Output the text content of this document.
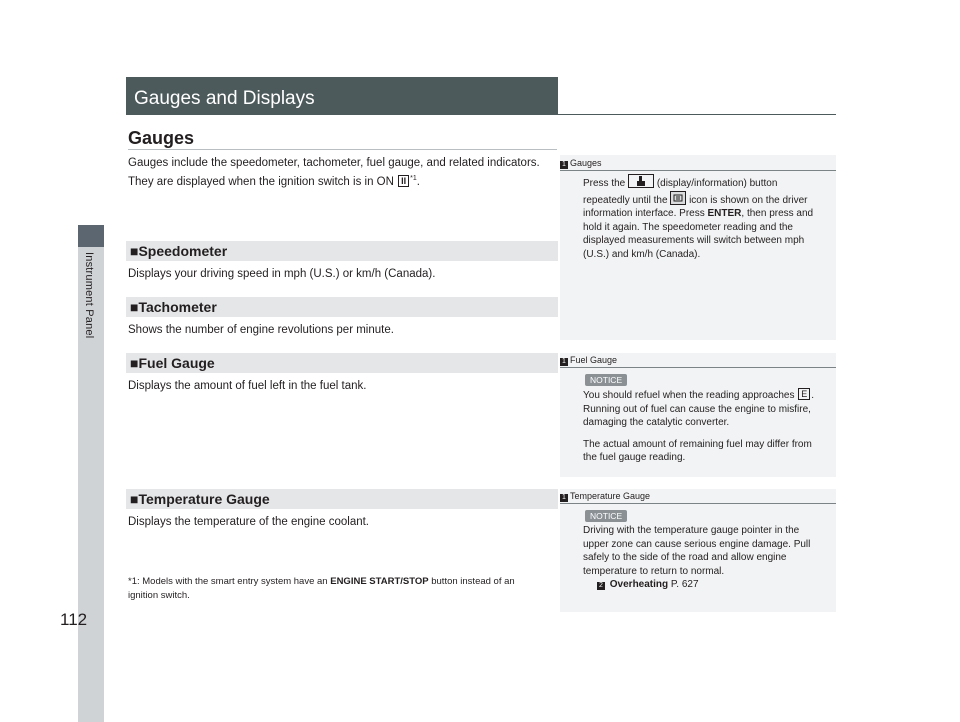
Instrument Panel
112
Gauges and Displays
Gauges
Gauges include the speedometer, tachometer, fuel gauge, and related indicators.
They are displayed when the ignition switch is in ON II $^{*1}$.
■Speedometer
Displays your driving speed in mph (U.S.) or km/h (Canada).
■Tachometer
Shows the number of engine revolutions per minute.
■Fuel Gauge
Displays the amount of fuel left in the fuel tank.
■Temperature Gauge
Displays the temperature of the engine coolant.
*1: Models with the smart entry system have an ENGINE START/STOP button instead of an
ignition switch.
1 Gauges
Press the	(display/information) button
repeatedly until the icon is shown on the driver
information interface. Press ENTER, then press and
hold it again. The speedometer reading and the
displayed measurements will switch between mph
(U.S.) and km/h (Canada).
1 Fuel Gauge
NOTICE
You should refuel when the reading approaches E .
Running out of fuel can cause the engine to misfire,
damaging the catalytic converter.
The actual amount of remaining fuel may differ from
the fuel gauge reading.
1 Temperature Gauge
NOTICE
Driving with the temperature gauge pointer in the
upper zone can cause serious engine damage. Pull
safely to the side of the road and allow engine
temperature to return to normal.
2 Overheating P. 627
